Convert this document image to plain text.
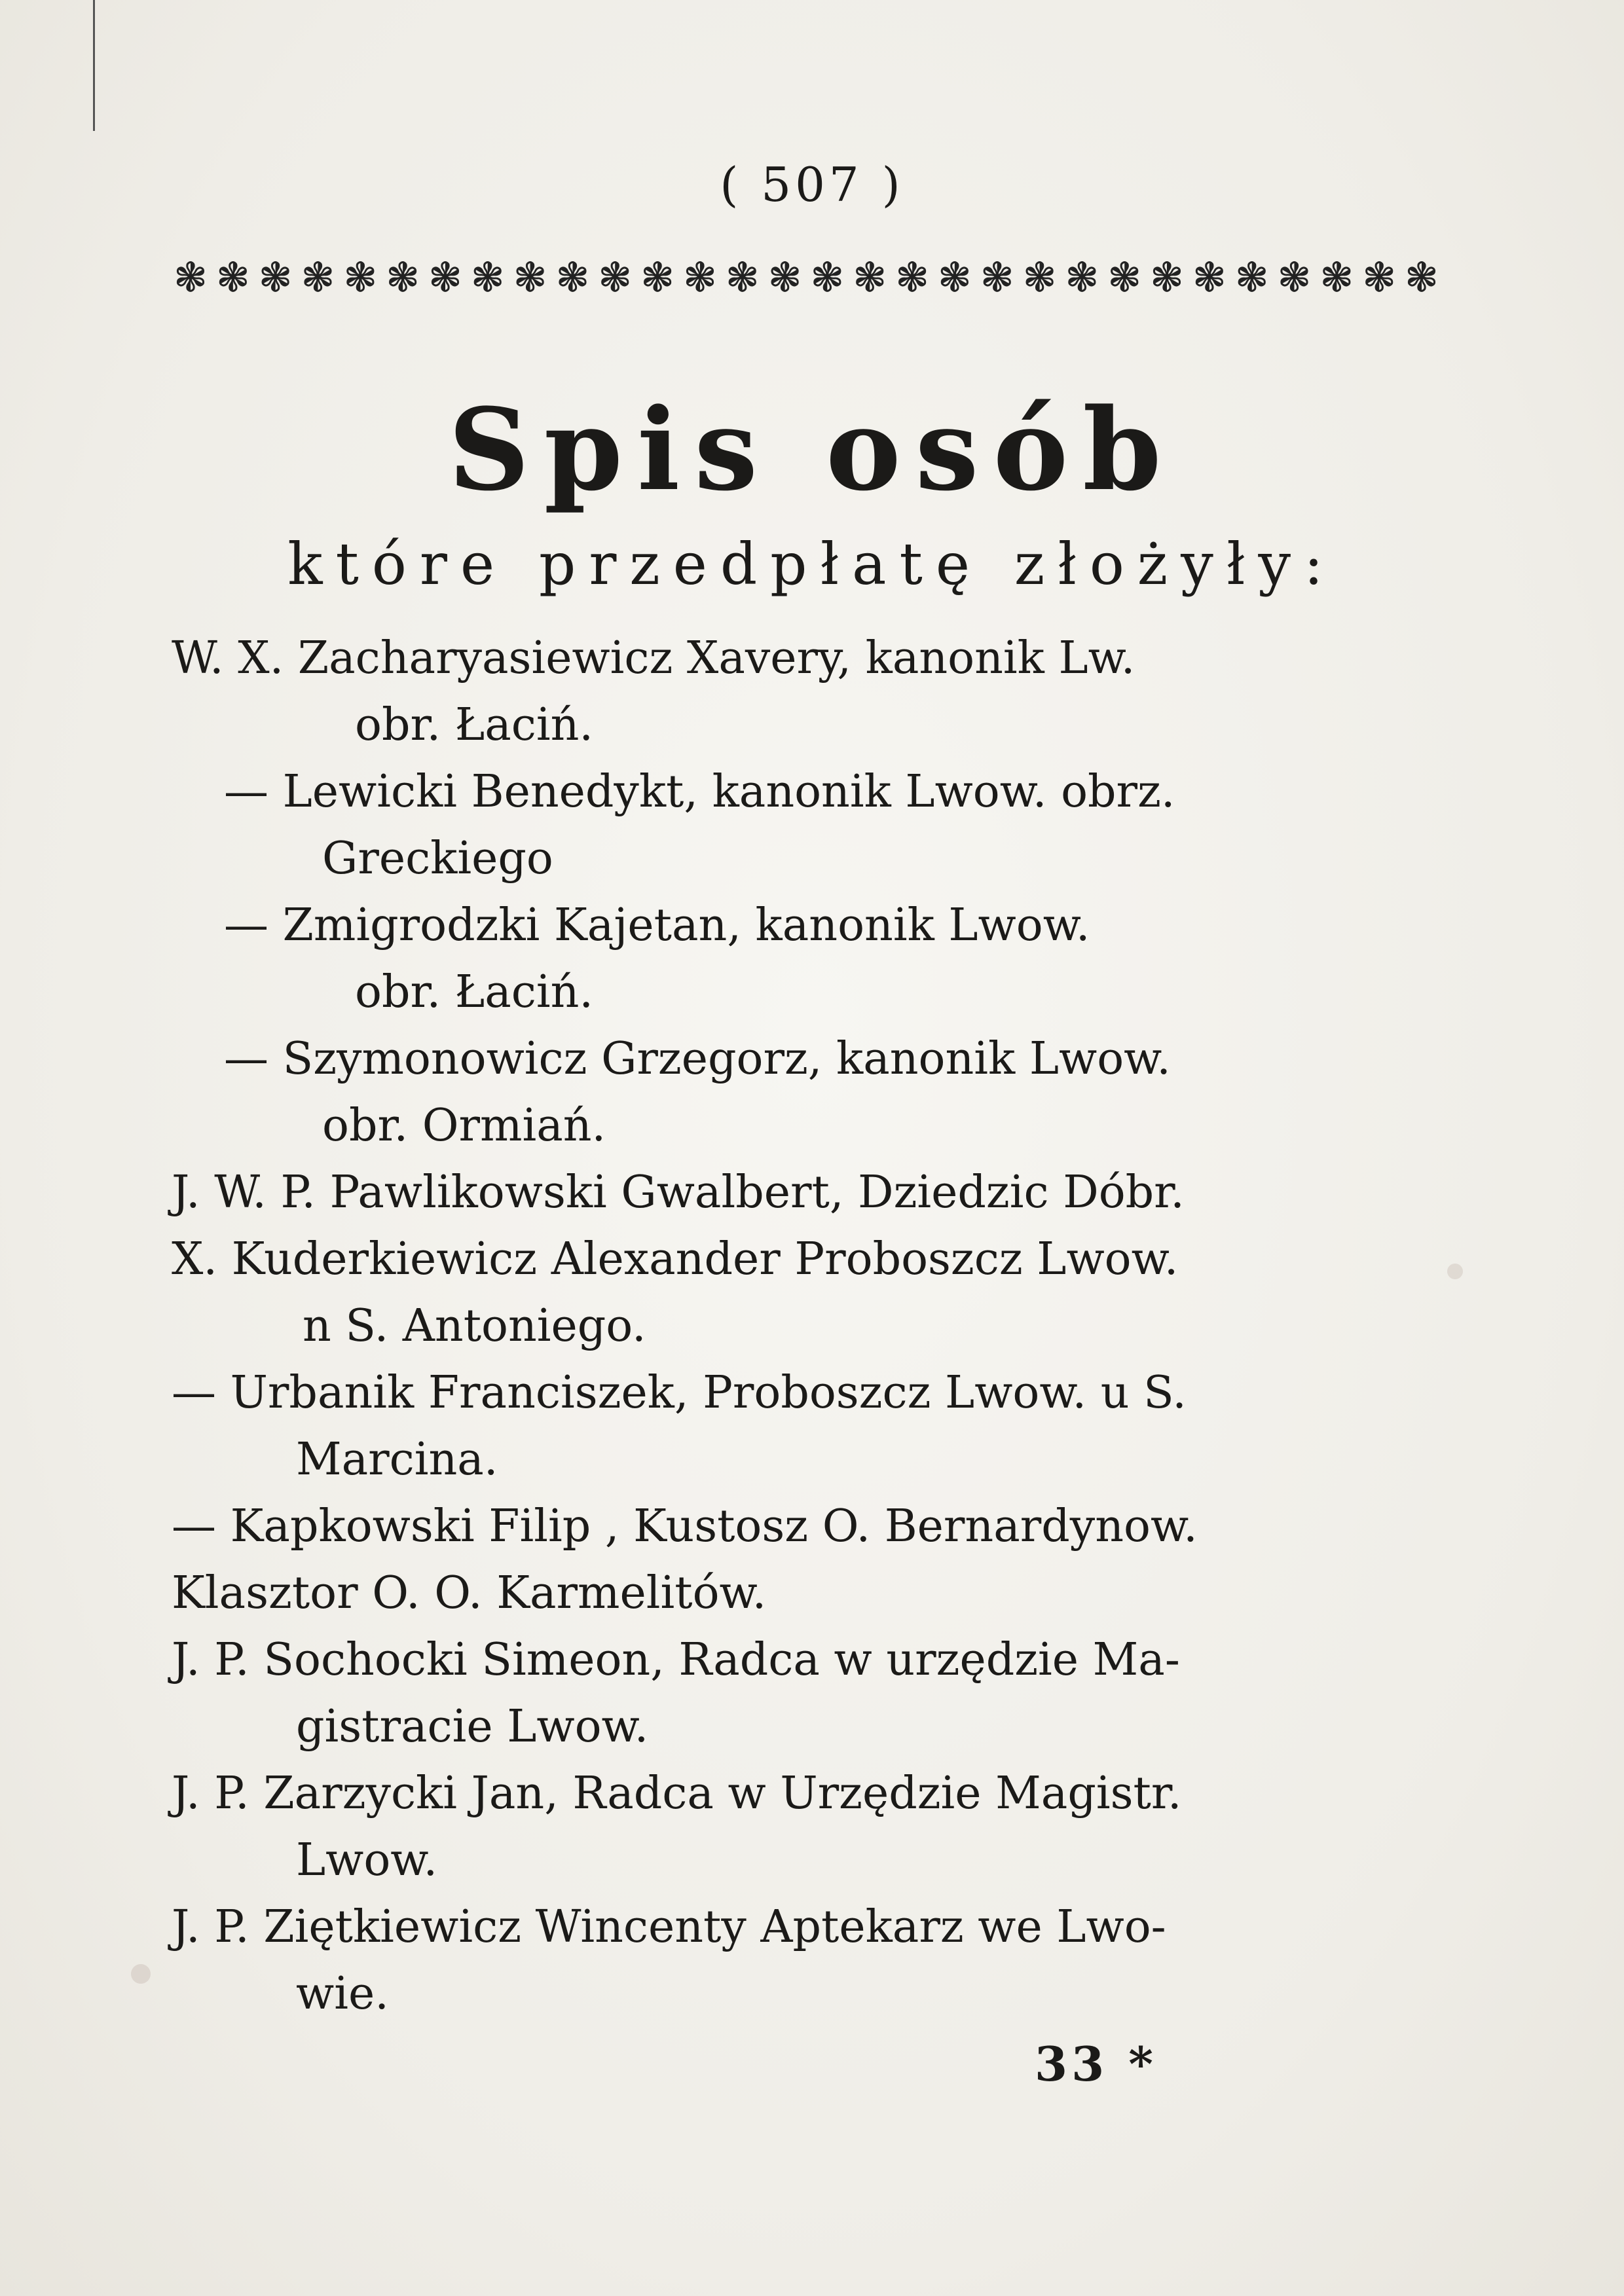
( 507 )
❃ ❃ ❃ ❃ ❃ ❃ ❃ ❃ ❃ ❃ ❃ ❃ ❃ ❃ ❃ ❃ ❃ ❃ ❃ ❃ ❃ ❃ ❃ ❃ ❃ ❃ ❃ ❃ ❃ ❃
Spis osób
które przedpłatę złożyły:
W. X. Zacharyasiewicz Xavery, kanonik Lw.
obr. Łaciń.
— Lewicki Benedykt, kanonik Lwow. obrz.
Greckiego
— Zmigrodzki Kajetan, kanonik Lwow.
obr. Łaciń.
— Szymonowicz Grzegorz, kanonik Lwow.
obr. Ormiań.
J. W. P. Pawlikowski Gwalbert, Dziedzic Dóbr.
X. Kuderkiewicz Alexander Proboszcz Lwow.
n S. Antoniego.
— Urbanik Franciszek, Proboszcz Lwow. u S.
Marcina.
— Kapkowski Filip , Kustosz O. Bernardynow.
Klasztor O. O. Karmelitów.
J. P. Sochocki Simeon, Radca w urzędzie Ma-
gistracie Lwow.
J. P. Zarzycki Jan, Radca w Urzędzie Magistr.
Lwow.
J. P. Ziętkiewicz Wincenty Aptekarz we Lwo-
wie.
33 *
